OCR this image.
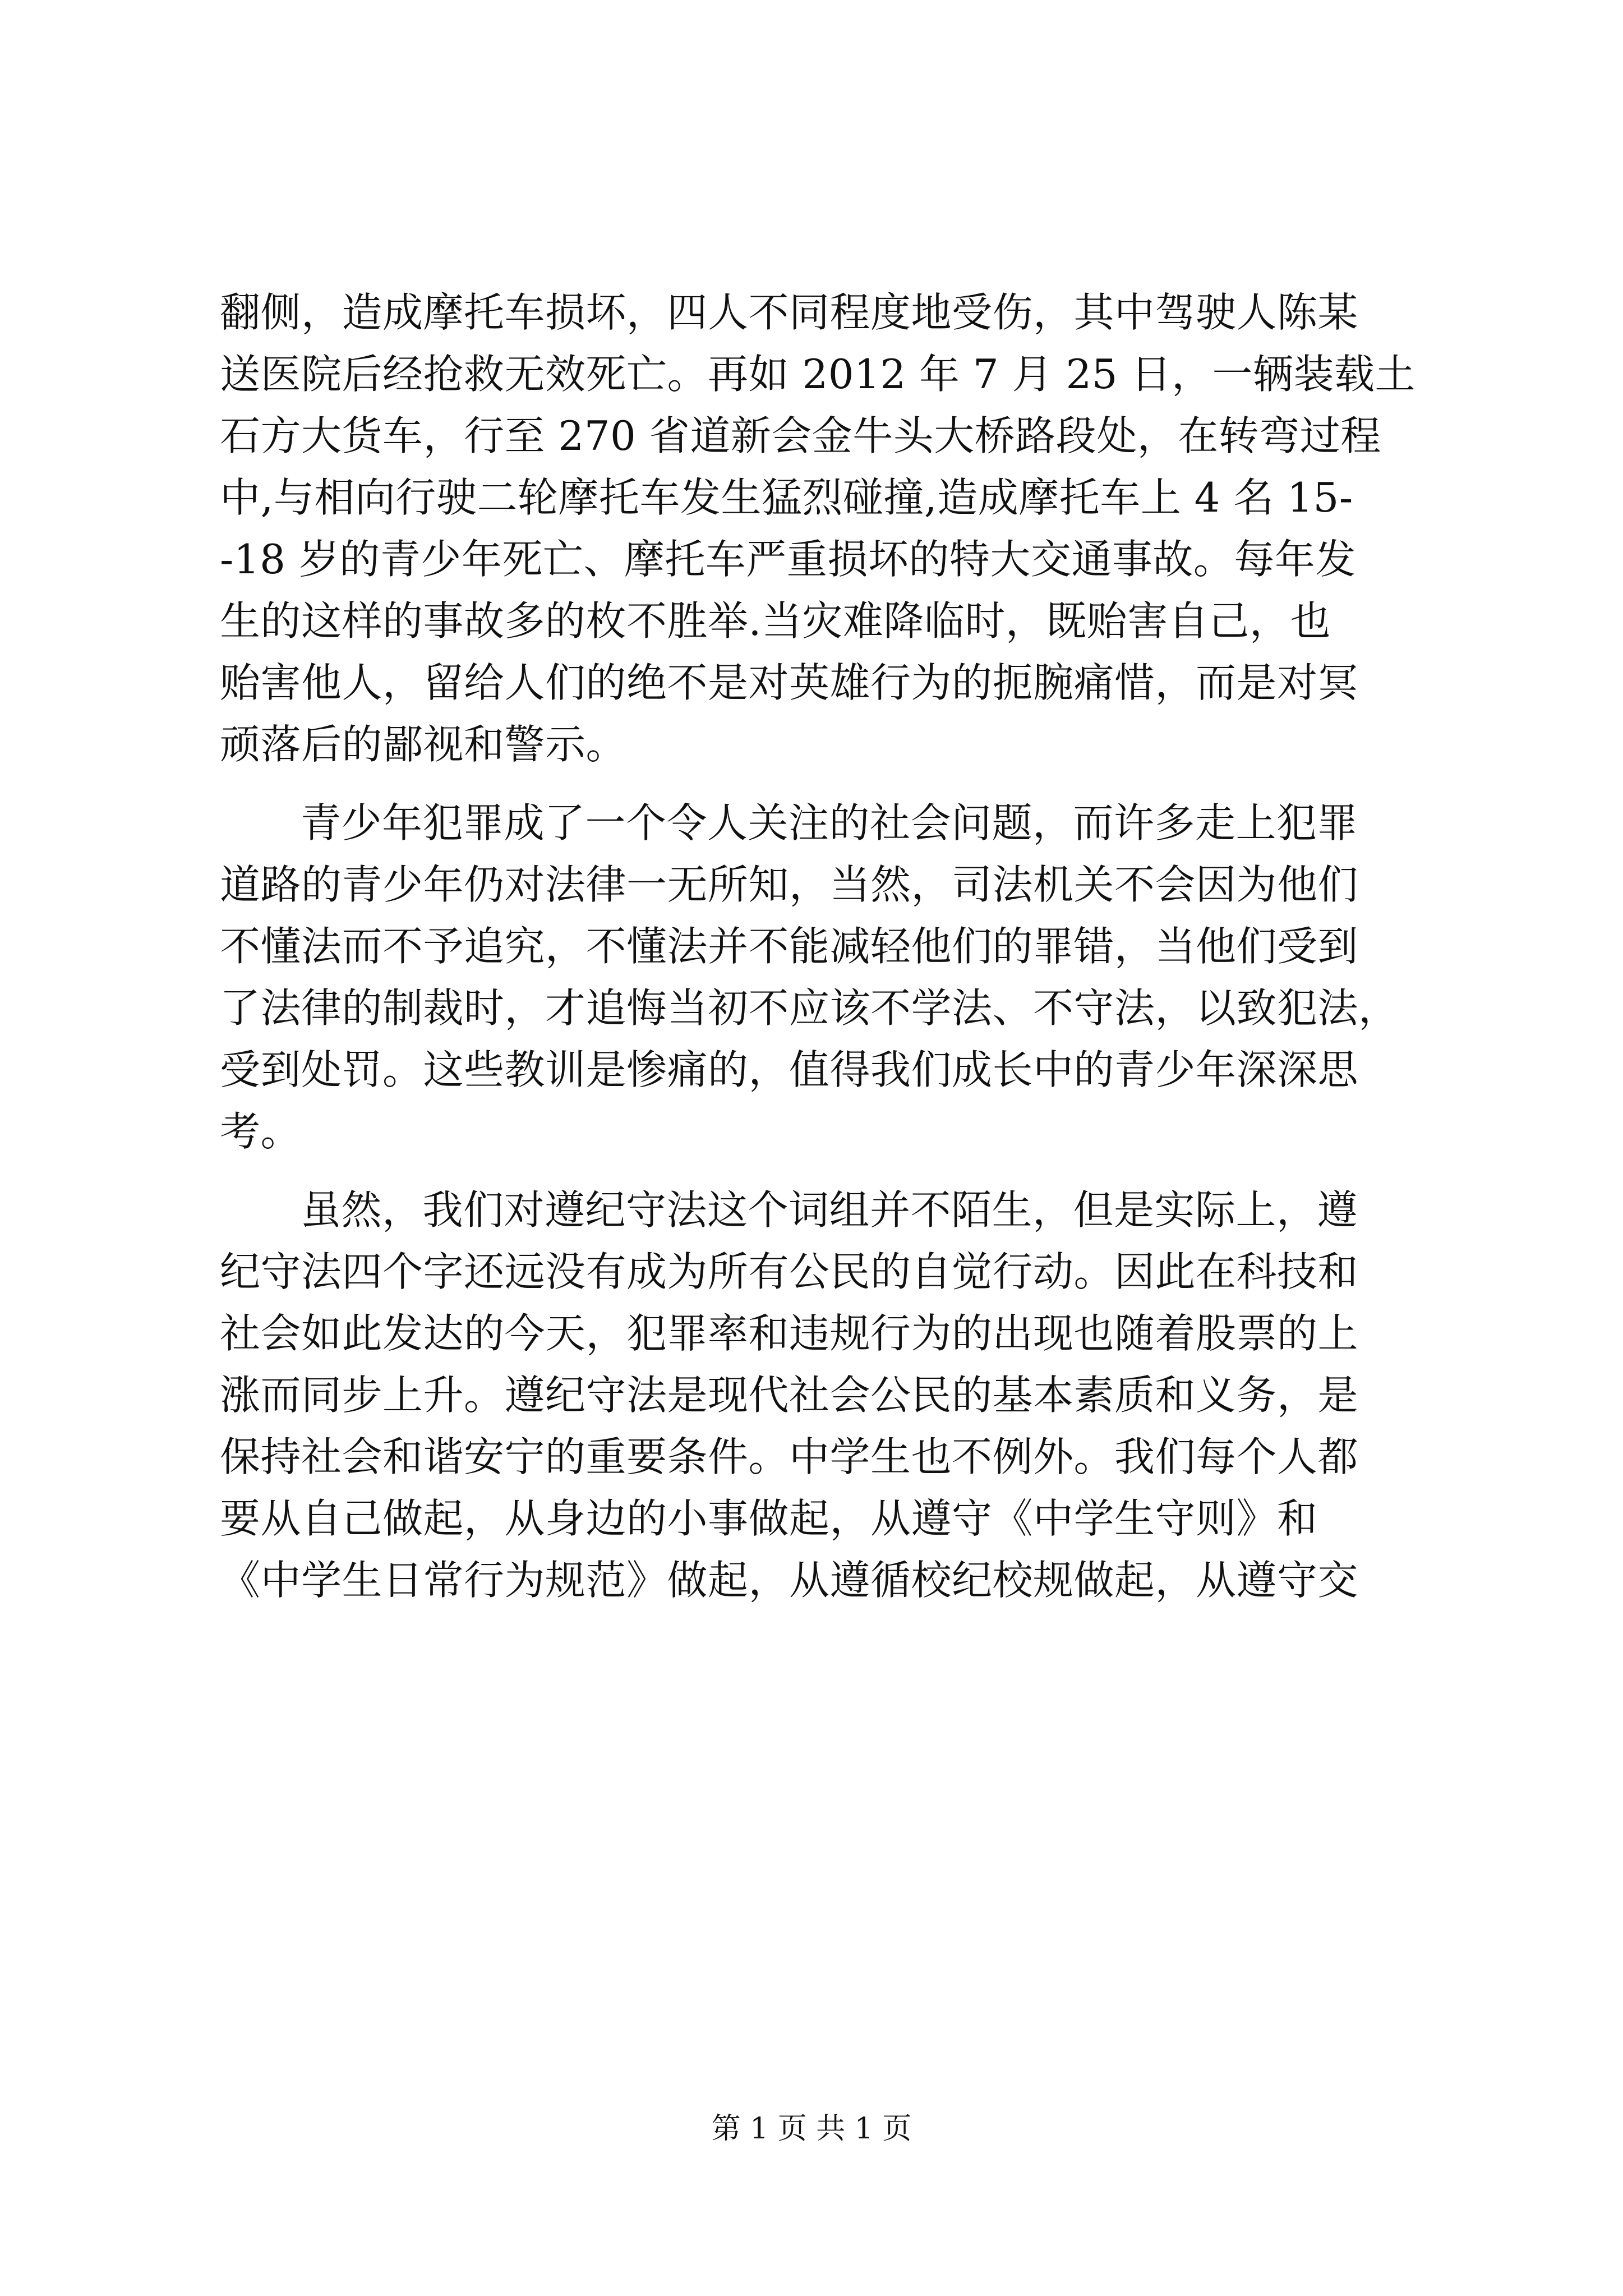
翻侧，造成摩托车损坏，四人不同程度地受伤，其中驾驶人陈某
送医院后经抢救无效死亡。再如 2012 年 7 月 25 日，一辆装载土
石方大货车，行至 270 省道新会金牛头大桥路段处，在转弯过程
中,与相向行驶二轮摩托车发生猛烈碰撞,造成摩托车上 4 名 15-
-18 岁的青少年死亡、摩托车严重损坏的特大交通事故。每年发
生的这样的事故多的枚不胜举.当灾难降临时，既贻害自己，也
贻害他人，留给人们的绝不是对英雄行为的扼腕痛惜，而是对冥
顽落后的鄙视和警示。
青少年犯罪成了一个令人关注的社会问题，而许多走上犯罪
道路的青少年仍对法律一无所知，当然，司法机关不会因为他们
不懂法而不予追究，不懂法并不能减轻他们的罪错，当他们受到
了法律的制裁时，才追悔当初不应该不学法、不守法，以致犯法，
受到处罚。这些教训是惨痛的，值得我们成长中的青少年深深思
考。
虽然，我们对遵纪守法这个词组并不陌生，但是实际上，遵
纪守法四个字还远没有成为所有公民的自觉行动。因此在科技和
社会如此发达的今天，犯罪率和违规行为的出现也随着股票的上
涨而同步上升。遵纪守法是现代社会公民的基本素质和义务，是
保持社会和谐安宁的重要条件。中学生也不例外。我们每个人都
要从自己做起，从身边的小事做起，从遵守《中学生守则》和
《中学生日常行为规范》做起，从遵循校纪校规做起，从遵守交
第 1 页 共 1 页
